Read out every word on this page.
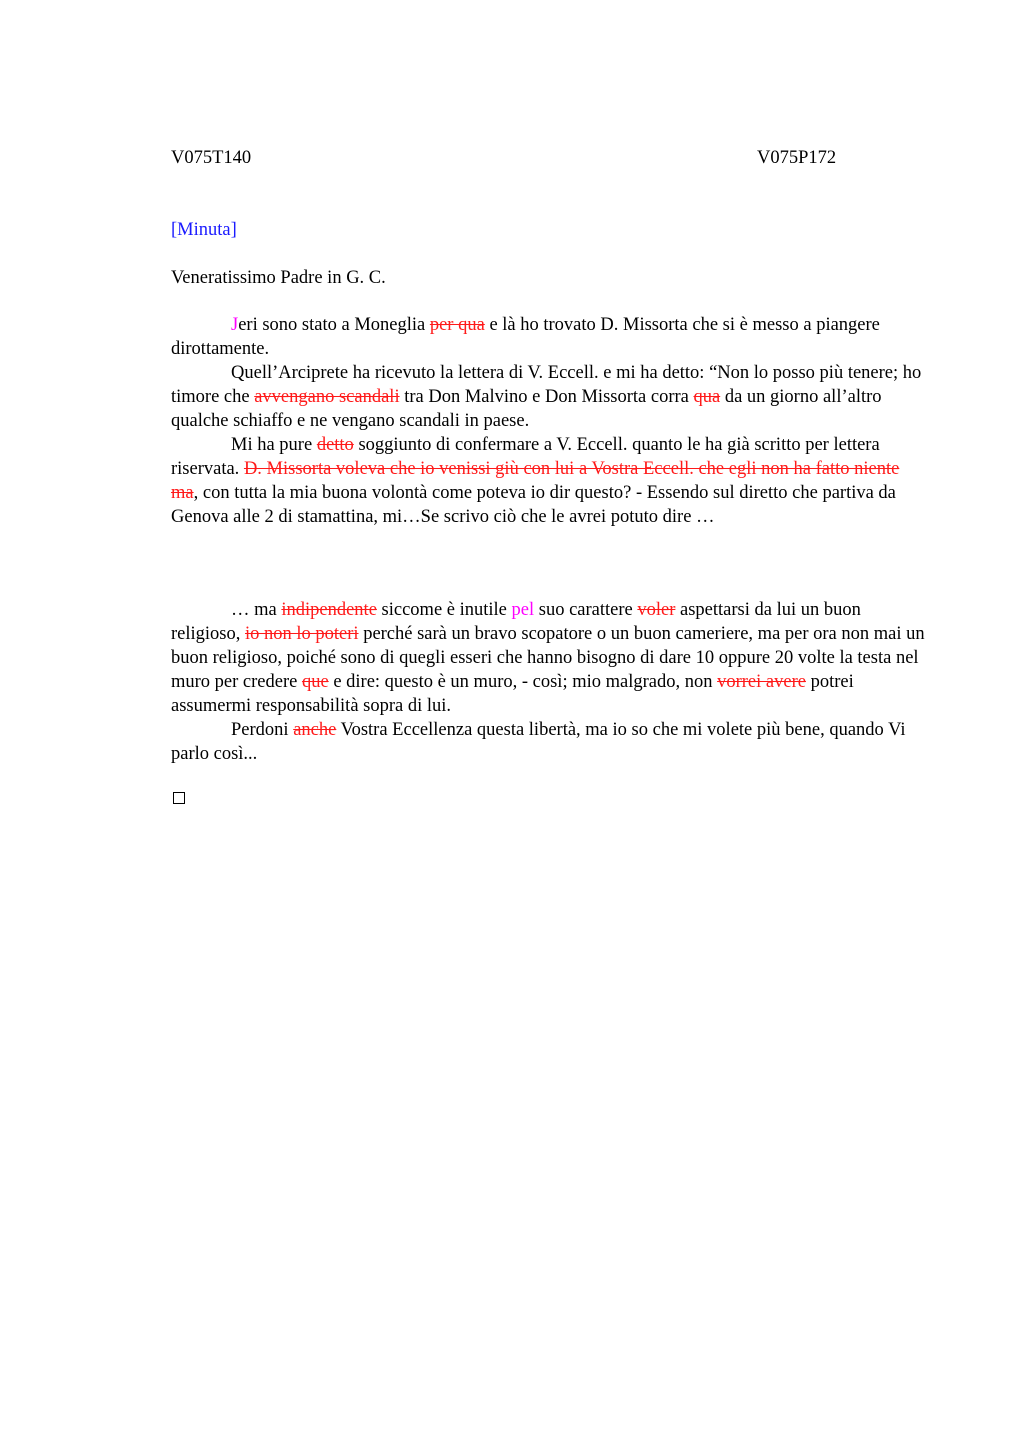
V075T140	V075P172
[Minuta]
Veneratissimo Padre in G. C.

Jeri sono stato a Moneglia per qua e là ho trovato D. Missorta che si è messo a piangere dirottamente.

Quell’Arciprete ha ricevuto la lettera di V. Eccell. e mi ha detto: “Non lo posso più tenere; ho timore che avvengano scandali tra Don Malvino e Don Missorta corra qua da un giorno all’altro qualche schiaffo e ne vengano scandali in paese.

Mi ha pure detto soggiunto di confermare a V. Eccell. quanto le ha già scritto per lettera riservata. D. Missorta voleva che io venissi giù con lui a Vostra Eccell. che egli non ha fatto niente ma, con tutta la mia buona volontà come poteva io dir questo? - Essendo sul diretto che partiva da Genova alle 2 di stamattina, mi…Se scrivo ciò che le avrei potuto dire …

… ma indipendente siccome è inutile pel suo carattere voler aspettarsi da lui un buon religioso, io non lo poteri perché sarà un bravo scopatore o un buon cameriere, ma per ora non mai un buon religioso, poiché sono di quegli esseri che hanno bisogno di dare 10 oppure 20 volte la testa nel muro per credere que e dire: questo è un muro, - così; mio malgrado, non vorrei avere potrei assumermi responsabilità sopra di lui.

Perdoni anche Vostra Eccellenza questa libertà, ma io so che mi volete più bene, quando Vi parlo così...
